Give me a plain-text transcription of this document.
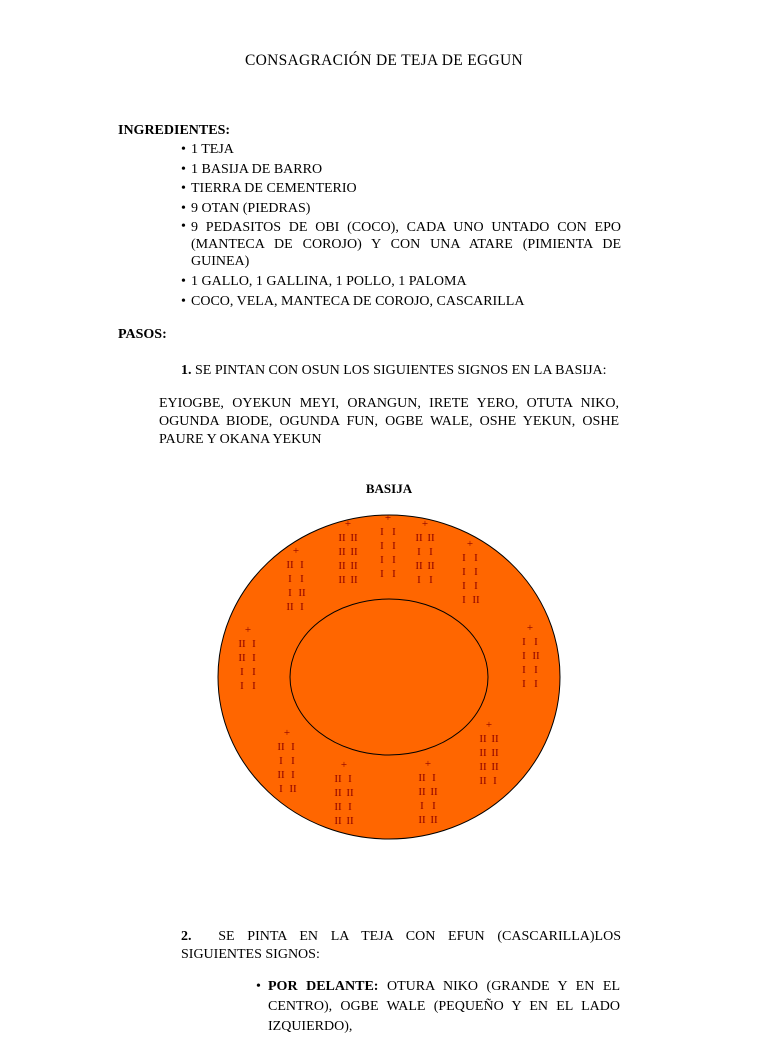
CONSAGRACIÓN DE TEJA DE EGGUN
INGREDIENTES:
• 1 TEJA
• 1 BASIJA DE BARRO
• TIERRA DE CEMENTERIO
• 9 OTAN (PIEDRAS)
• 9 PEDASITOS DE OBI (COCO), CADA UNO UNTADO CON EPO (MANTECA DE COROJO) Y CON UNA ATARE (PIMIENTA DE GUINEA)
• 1 GALLO, 1 GALLINA, 1 POLLO, 1 PALOMA
• COCO, VELA, MANTECA DE COROJO, CASCARILLA
PASOS:
1. SE PINTAN CON OSUN LOS SIGUIENTES SIGNOS EN LA BASIJA:
EYIOGBE, OYEKUN MEYI, ORANGUN, IRETE YERO, OTUTA NIKO, OGUNDA BIODE, OGUNDA FUN, OGBE WALE, OSHE YEKUN, OSHE PAURE Y OKANA YEKUN
BASIJA
+
II II
II II
II II
II II
+
I I
I I
I I
I I
+
II II
I I
II II
I I
+
II I
I I
I II
II I
+
I I
I I
I I
I II
+
II I
II I
I I
I I
+
I I
I II
I I
I I
+
II I
I I
II I
I II
+
II II
II II
II II
II I
+
II I
II II
II I
II II
+
II I
II II
I I
II II
2. SE PINTA EN LA TEJA CON EFUN (CASCARILLA)LOS SIGUIENTES SIGNOS:
• POR DELANTE: OTURA NIKO (GRANDE Y EN EL CENTRO), OGBE WALE (PEQUEÑO Y EN EL LADO IZQUIERDO),
